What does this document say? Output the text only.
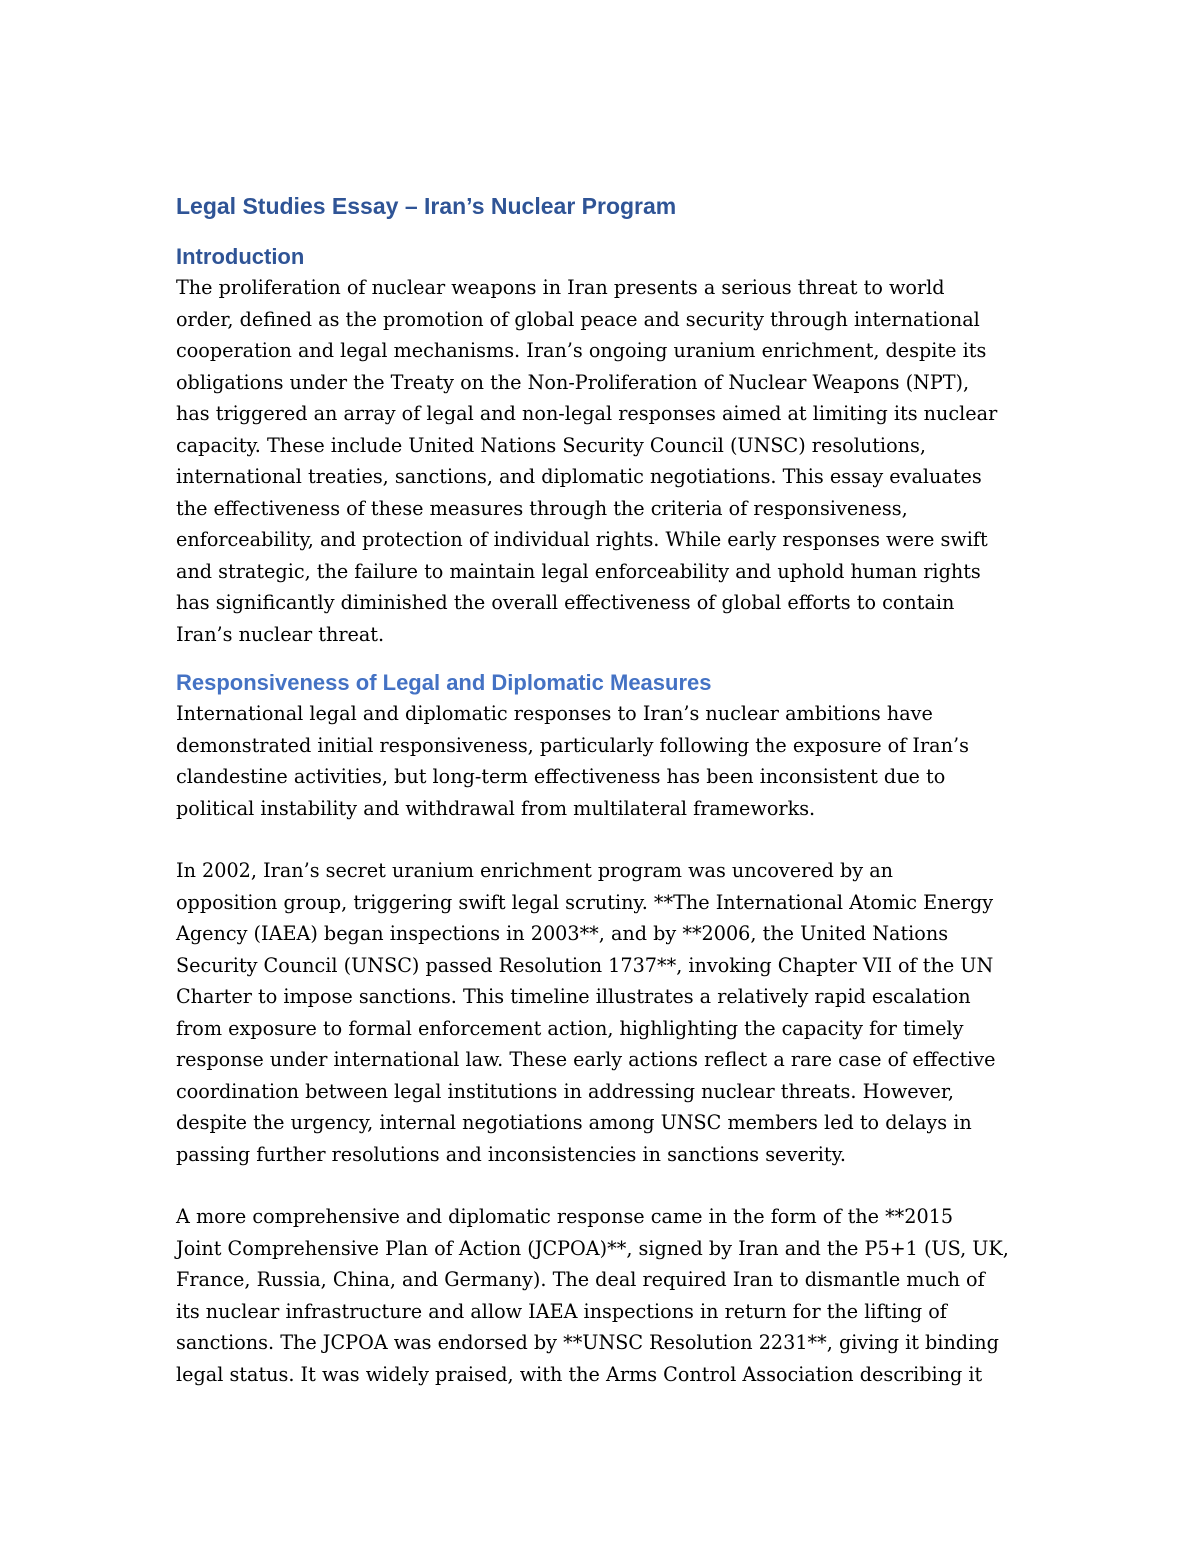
Legal Studies Essay – Iran’s Nuclear Program
Introduction

The proliferation of nuclear weapons in Iran presents a serious threat to world
order, defined as the promotion of global peace and security through international
cooperation and legal mechanisms. Iran’s ongoing uranium enrichment, despite its
obligations under the Treaty on the Non-Proliferation of Nuclear Weapons (NPT),
has triggered an array of legal and non-legal responses aimed at limiting its nuclear
capacity. These include United Nations Security Council (UNSC) resolutions,
international treaties, sanctions, and diplomatic negotiations. This essay evaluates
the effectiveness of these measures through the criteria of responsiveness,
enforceability, and protection of individual rights. While early responses were swift
and strategic, the failure to maintain legal enforceability and uphold human rights
has significantly diminished the overall effectiveness of global efforts to contain
Iran’s nuclear threat.

Responsiveness of Legal and Diplomatic Measures

International legal and diplomatic responses to Iran’s nuclear ambitions have
demonstrated initial responsiveness, particularly following the exposure of Iran’s
clandestine activities, but long-term effectiveness has been inconsistent due to
political instability and withdrawal from multilateral frameworks.

In 2002, Iran’s secret uranium enrichment program was uncovered by an
opposition group, triggering swift legal scrutiny. **The International Atomic Energy
Agency (IAEA) began inspections in 2003**, and by **2006, the United Nations
Security Council (UNSC) passed Resolution 1737**, invoking Chapter VII of the UN
Charter to impose sanctions. This timeline illustrates a relatively rapid escalation
from exposure to formal enforcement action, highlighting the capacity for timely
response under international law. These early actions reflect a rare case of effective
coordination between legal institutions in addressing nuclear threats. However,
despite the urgency, internal negotiations among UNSC members led to delays in
passing further resolutions and inconsistencies in sanctions severity.

A more comprehensive and diplomatic response came in the form of the **2015
Joint Comprehensive Plan of Action (JCPOA)**, signed by Iran and the P5+1 (US, UK,
France, Russia, China, and Germany). The deal required Iran to dismantle much of
its nuclear infrastructure and allow IAEA inspections in return for the lifting of
sanctions. The JCPOA was endorsed by **UNSC Resolution 2231**, giving it binding
legal status. It was widely praised, with the Arms Control Association describing it
